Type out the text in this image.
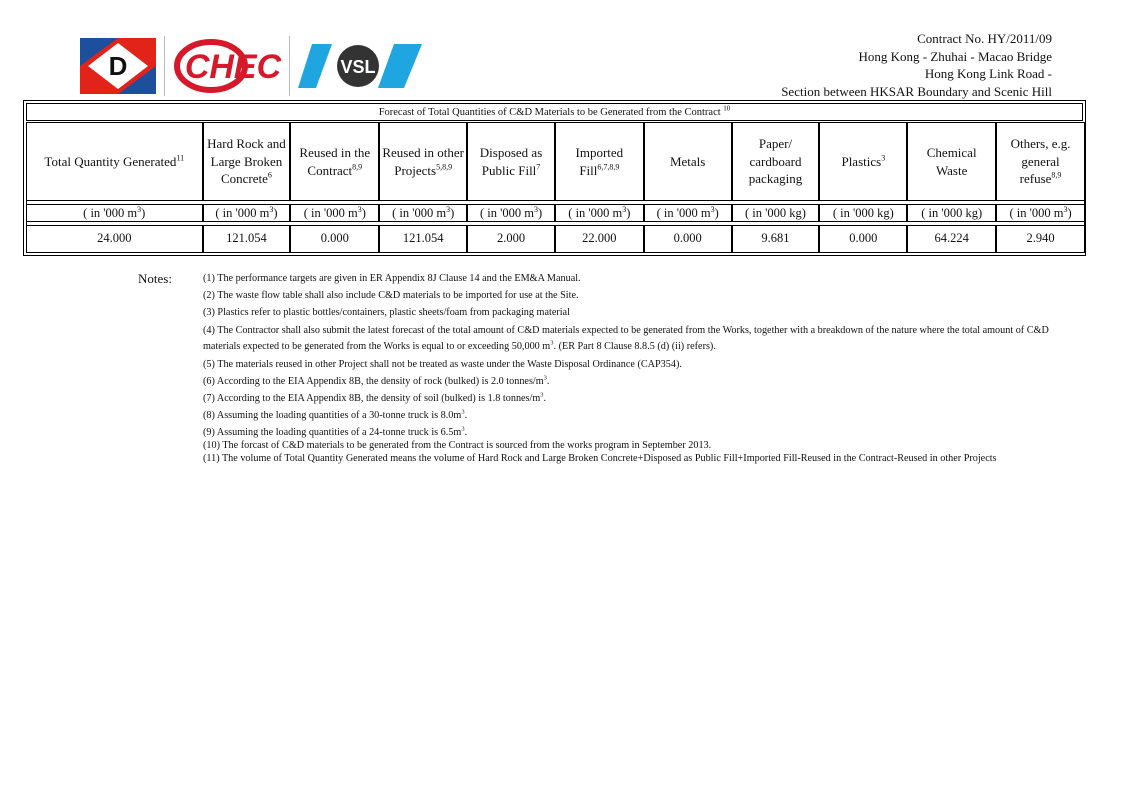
D CHEC	VSL
Contract No. HY/2011/09
Hong Kong - Zhuhai - Macao Bridge
Hong Kong Link Road -
Section between HKSAR Boundary and Scenic Hill
Forecast of Total Quantities of C&D Materials to be Generated from the Contract $^{10}$
Total Quantity Generated$^{11}$	Hard Rock and Large Broken Concrete$^6$	Reused in the Contract$^{8,9}$	Reused in other Projects$^{5,8,9}$	Disposed as Public Fill$^7$	Imported Fill$^{6,7,8,9}$	Metals	Paper/ cardboard packaging	Plastics$^3$	Chemical Waste	Others, e.g. general refuse$^{8,9}$

( in '000 $m^3$)	( in '000 $m^3$)	( in '000 $m^3$)	( in '000 $m^3$)	( in '000 $m^3$)	( in '000 $m^3$)	( in '000 $m^3$)	( in '000 kg)	( in '000 kg)	( in '000 kg)	( in '000 $m^3$)

24.000	121.054	0.000	121.054	2.000	22.000	0.000	9.681	0.000	64.224	2.940
Notes:	(1) The performance targets are given in ER Appendix 8J Clause 14 and the EM&A Manual.
(2) The waste flow table shall also include C&D materials to be imported for use at the Site.
(3) Plastics refer to plastic bottles/containers, plastic sheets/foam from packaging material
(4) The Contractor shall also submit the latest forecast of the total amount of C&D materials expected to be generated from the Works, together with a breakdown of the nature where the total amount of C&D materials expected to be generated from the Works is equal to or exceeding 50,000 $m^3$. (ER Part 8 Clause 8.8.5 (d) (ii) refers).
(5) The materials reused in other Project shall not be treated as waste under the Waste Disposal Ordinance (CAP354).
(6) According to the EIA Appendix 8B, the density of rock (bulked) is 2.0 tonnes/$m^3$.
(7) According to the EIA Appendix 8B, the density of soil (bulked) is 1.8 tonnes/$m^3$.
(8) Assuming the loading quantities of a 30-tonne truck is $8.0m^3$.
(9) Assuming the loading quantities of a 24-tonne truck is $6.5m^3$.
(10) The forcast of C&D materials to be generated from the Contract is sourced from the works program in September 2013.
(11) The volume of Total Quantity Generated means the volume of Hard Rock and Large Broken Concrete+Disposed as Public Fill+Imported Fill-Reused in the Contract-Reused in other Projects
